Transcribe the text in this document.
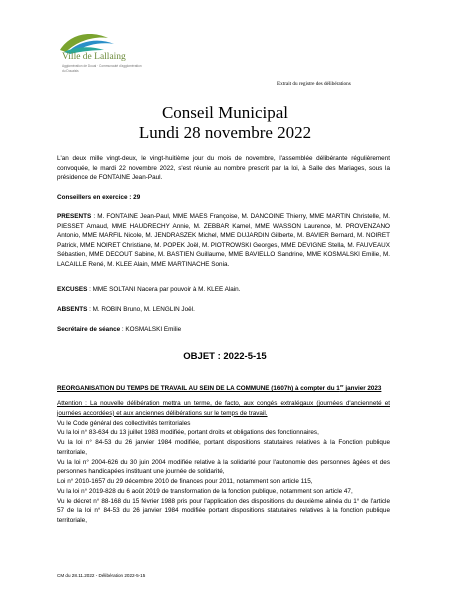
Ville de Lallaing
Agglomération de Douai · Communauté d'agglomération du Douaisis
Extrait du registre des délibérations
Conseil Municipal
Lundi 28 novembre 2022
L'an deux mille vingt-deux, le vingt-huitième jour du mois de novembre, l'assemblée délibérante régulièrement convoquée, le mardi 22 novembre 2022, s'est réunie au nombre prescrit par la loi, à Salle des Mariages, sous la présidence de FONTAINE Jean-Paul.
Conseillers en exercice : 29
PRESENTS : M. FONTAINE Jean-Paul, MME MAES Françoise, M. DANCOINE Thierry, MME MARTIN Christelle, M. PIESSET Arnaud, MME HAUDRECHY Annie, M. ZEBBAR Kamel, MME WASSON Laurence, M. PROVENZANO Antonio, MME MARFIL Nicole, M. JENDRASZEK Michel, MME DUJARDIN Gilberte, M. BAVIER Bernard, M. NOIRET Patrick, MME NOIRET Christiane, M. POPEK Joël, M. PIOTROWSKI Georges, MME DEVIGNE Stella, M. FAUVEAUX Sébastien, MME DECOUT Sabine, M. BASTIEN Guillaume, MME BAVIELLO Sandrine, MME KOSMALSKI Emilie, M. LACAILLE René, M. KLEE Alain, MME MARTINACHE Sonia.
EXCUSES : MME SOLTANI Nacera par pouvoir à M. KLEE Alain.
ABSENTS : M. ROBIN Bruno, M. LENGLIN Joël.
Secrétaire de séance : KOSMALSKI Emilie
OBJET : 2022-5-15
REORGANISATION DU TEMPS DE TRAVAIL AU SEIN DE LA COMMUNE (1607h) à compter du 1er janvier 2023

Attention : La nouvelle délibération mettra un terme, de facto, aux congés extralégaux (journées d'ancienneté et journées accordées) et aux anciennes délibérations sur le temps de travail.

Vu le Code général des collectivités territoriales

Vu la loi n° 83-634 du 13 juillet 1983 modifiée, portant droits et obligations des fonctionnaires,

Vu la loi n° 84-53 du 26 janvier 1984 modifiée, portant dispositions statutaires relatives à la Fonction publique territoriale,

Vu la loi n° 2004-626 du 30 juin 2004 modifiée relative à la solidarité pour l'autonomie des personnes âgées et des personnes handicapées instituant une journée de solidarité,

Loi n° 2010-1657 du 29 décembre 2010 de finances pour 2011, notamment son article 115,

Vu la loi n° 2019-828 du 6 août 2019 de transformation de la fonction publique, notamment son article 47,

Vu le décret n° 88-168 du 15 février 1988 pris pour l'application des dispositions du deuxième alinéa du 1° de l'article 57 de la loi n° 84-53 du 26 janvier 1984 modifiée portant dispositions statutaires relatives à la fonction publique territoriale,

CM du 28.11.2022 - Délibération 2022-5-15
